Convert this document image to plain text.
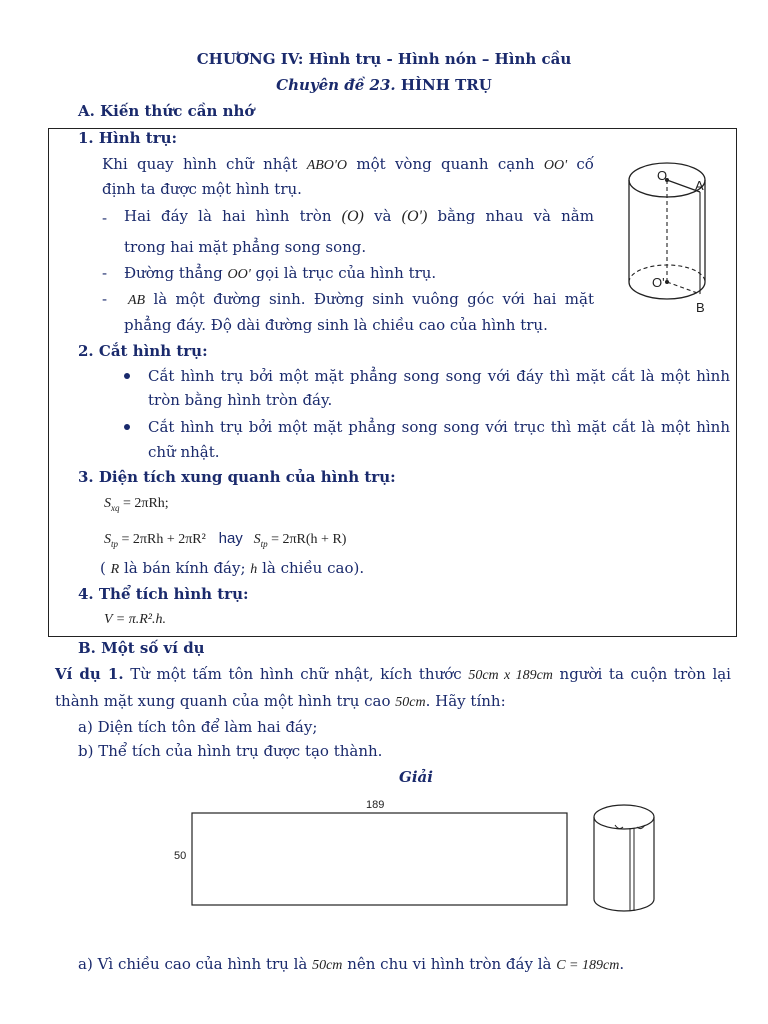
CHƯƠNG IV: Hình trụ - Hình nón – Hình cầu
Chuyên đề 23. HÌNH TRỤ
A. Kiến thức cần nhớ
1. Hình trụ:
Khi quay hình chữ nhật ABO'O một vòng quanh cạnh OO' cố
định ta được một hình trụ.
- Hai đáy là hai hình tròn (O) và (O') bằng nhau và nằm
trong hai mặt phẳng song song.
- Đường thẳng OO' gọi là trục của hình trụ.
- AB là một đường sinh. Đường sinh vuông góc với hai mặt
phẳng đáy. Độ dài đường sinh là chiều cao của hình trụ.
O
A
O'
B
2. Cắt hình trụ:
Cắt hình trụ bởi một mặt phẳng song song với đáy thì mặt cắt là một hình
tròn bằng hình tròn đáy.
Cắt hình trụ bởi một mặt phẳng song song với trục thì mặt cắt là một hình
chữ nhật.
3. Diện tích xung quanh của hình trụ:
$S_{xq} = 2\pi Rh$;
$S_{tp} = 2\pi Rh + 2\pi R^2$ hay $S_{tp} = 2\pi R(h + R)$
( R là bán kính đáy; h là chiều cao).
4. Thể tích hình trụ:
V = π.R².h.
B. Một số ví dụ
Ví dụ 1. Từ một tấm tôn hình chữ nhật, kích thước 50cm x 189cm người ta cuộn tròn lại
thành mặt xung quanh của một hình trụ cao 50cm. Hãy tính:
a) Diện tích tôn để làm hai đáy;
b) Thể tích của hình trụ được tạo thành.
Giải
189
50
a) Vì chiều cao của hình trụ là 50cm nên chu vi hình tròn đáy là C = 189cm.
